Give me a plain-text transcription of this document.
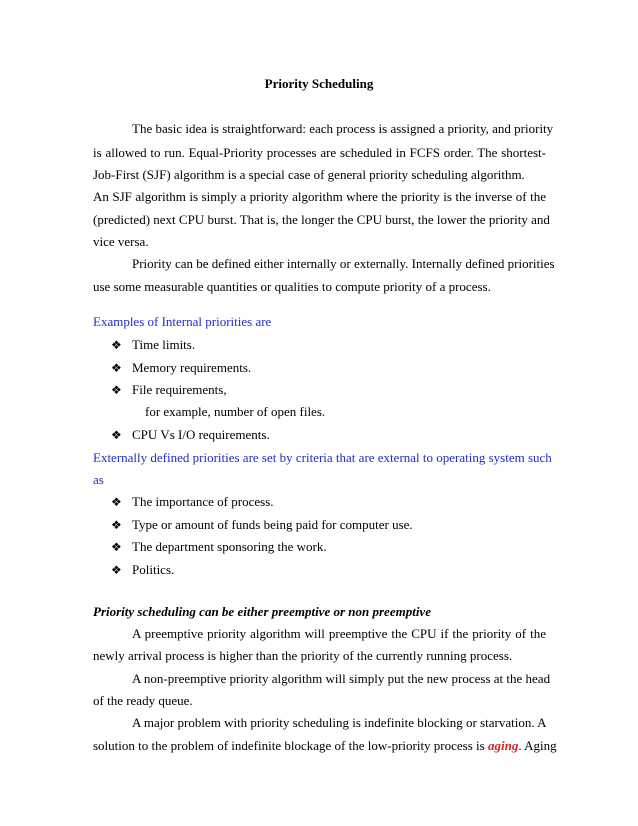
Priority Scheduling
The basic idea is straightforward: each process is assigned a priority, and priority
is allowed to run. Equal-Priority processes are scheduled in FCFS order. The shortest-
Job-First (SJF) algorithm is a special case of general priority scheduling algorithm.
An SJF algorithm is simply a priority algorithm where the priority is the inverse of the
(predicted) next CPU burst. That is, the longer the CPU burst, the lower the priority and
vice versa.
Priority can be defined either internally or externally. Internally defined priorities
use some measurable quantities or qualities to compute priority of a process.
Examples of Internal priorities are
❖ Time limits.
❖ Memory requirements.
❖ File requirements,
for example, number of open files.
❖ CPU Vs I/O requirements.
Externally defined priorities are set by criteria that are external to operating system such
as
❖ The importance of process.
❖ Type or amount of funds being paid for computer use.
❖ The department sponsoring the work.
❖ Politics.
Priority scheduling can be either preemptive or non preemptive
A preemptive priority algorithm will preemptive the CPU if the priority of the
newly arrival process is higher than the priority of the currently running process.
A non-preemptive priority algorithm will simply put the new process at the head
of the ready queue.
A major problem with priority scheduling is indefinite blocking or starvation. A
solution to the problem of indefinite blockage of the low-priority process is aging. Aging
